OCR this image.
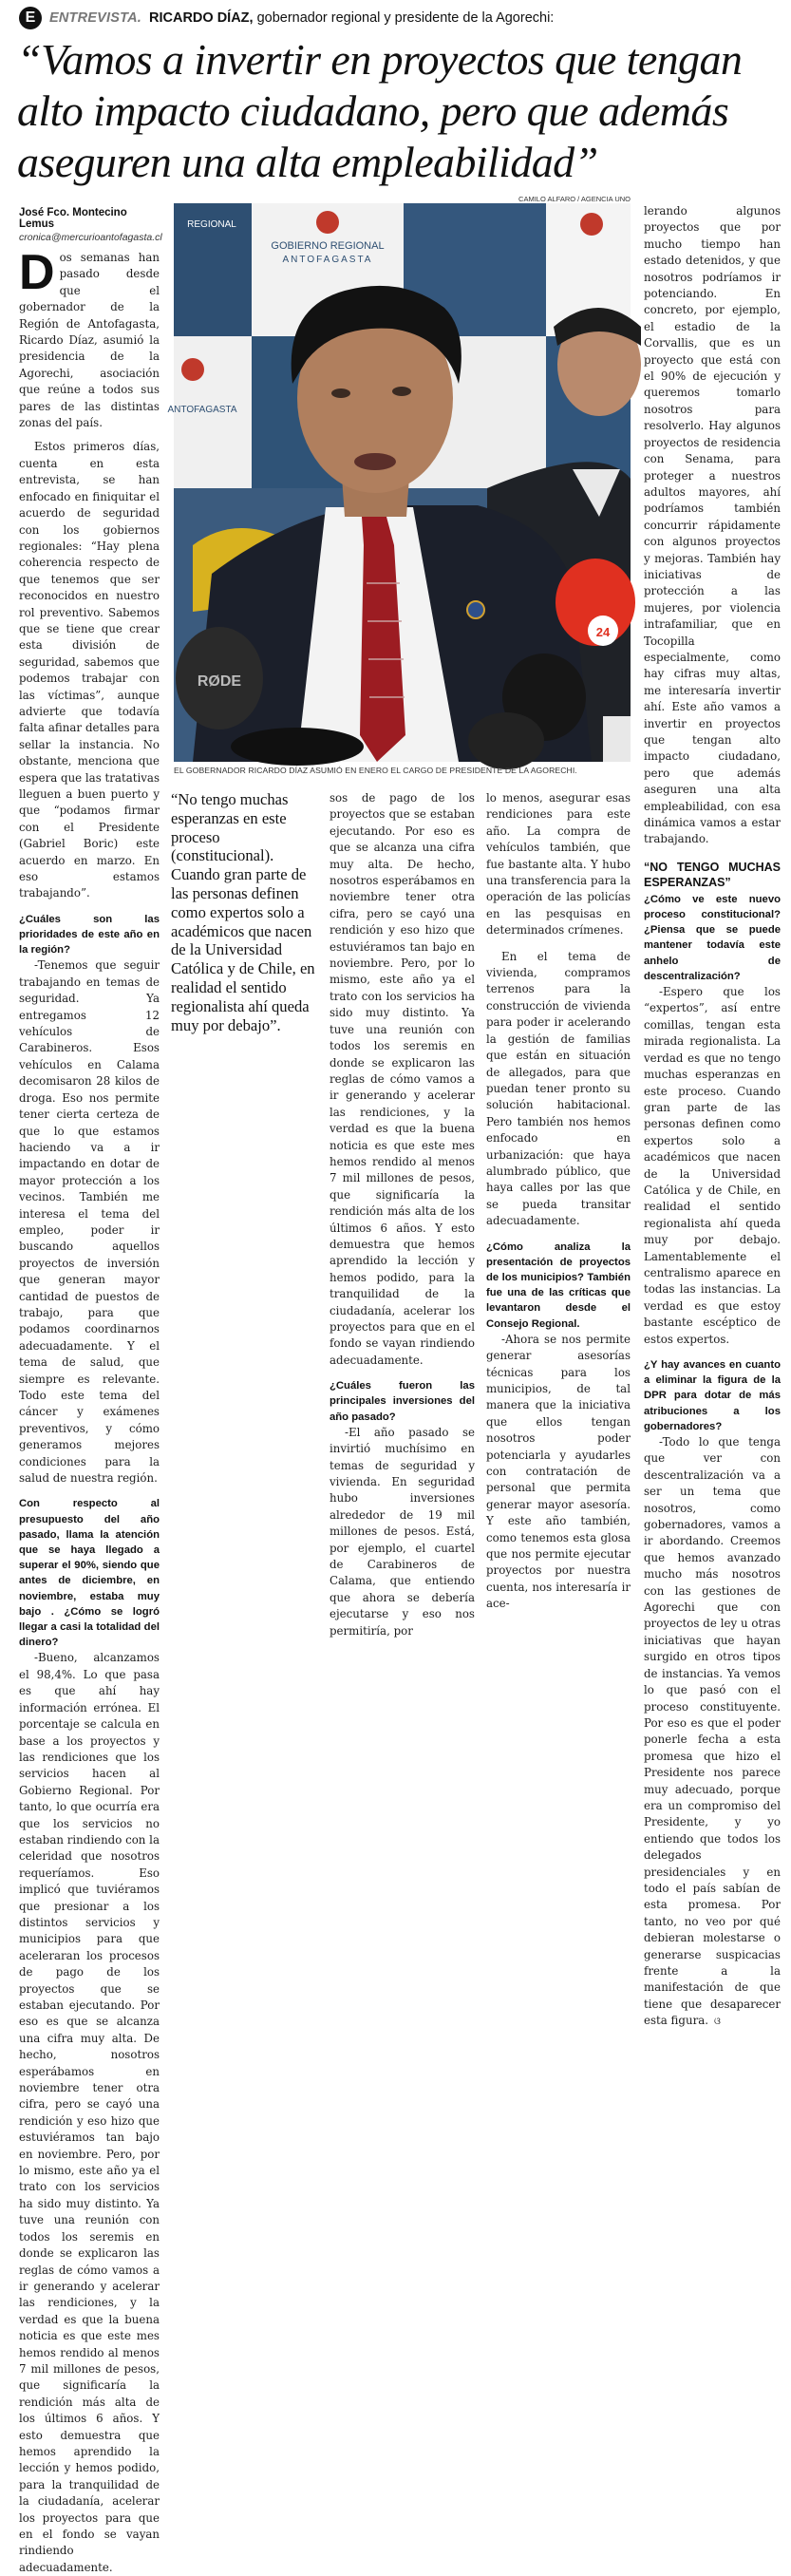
E	ENTREVISTA. RICARDO DÍAZ, gobernador regional y presidente de la Agorechi:
“Vamos a invertir en proyectos que tengan alto impacto ciudadano, pero que además aseguren una alta empleabilidad”
José Fco. Montecino Lemus
cronica@mercurioantofagasta.cl
CAMILO ALFARO / AGENCIA UNO
GOBIERNO REGIONAL
ANTOFAGASTA
REGIONAL
ANTOFAGASTA
RØDE
24
EL GOBERNADOR RICARDO DÍAZ ASUMIÓ EN ENERO EL CARGO DE PRESIDENTE DE LA AGORECHI.

“No tengo muchas esperanzas en este proceso (constitucional). Cuando gran parte de las personas definen como expertos solo a académicos que nacen de la Universidad Católica y de Chile, en realidad el sentido regionalista ahí queda muy por debajo”.

Dos semanas han pasado desde que el gobernador de la Región de Antofagasta, Ricardo Díaz, asumió la presidencia de la Agorechi, asociación que reúne a todos sus pares de las distintas zonas del país.

Estos primeros días, cuenta en esta entrevista, se han enfocado en finiquitar el acuerdo de seguridad con los gobiernos regionales: “Hay plena coherencia respecto de que tenemos que ser reconocidos en nuestro rol preventivo. Sabemos que se tiene que crear esta división de seguridad, sabemos que podemos trabajar con las víctimas”, aunque advierte que todavía falta afinar detalles para sellar la instancia. No obstante, menciona que espera que las tratativas lleguen a buen puerto y que “podamos firmar con el Presidente (Gabriel Boric) este acuerdo en marzo. En eso estamos trabajando”.

¿Cuáles son las prioridades de este año en la región?

-Tenemos que seguir trabajando en temas de seguridad. Ya entregamos 12 vehículos de Carabineros. Esos vehículos en Calama decomisaron 28 kilos de droga. Eso nos permite tener cierta certeza de que lo que estamos haciendo va a ir impactando en dotar de mayor protección a los vecinos. También me interesa el tema del empleo, poder ir buscando aquellos proyectos de inversión que generan mayor cantidad de puestos de trabajo, para que podamos coordinarnos adecuadamente. Y el tema de salud, que siempre es relevante. Todo este tema del cáncer y exámenes preventivos, y cómo generamos mejores condiciones para la salud de nuestra región.

Con respecto al presupuesto del año pasado, llama la atención que se haya llegado a superar el 90%, siendo que antes de diciembre, en noviembre, estaba muy bajo . ¿Cómo se logró llegar a casi la totalidad del dinero?

-Bueno, alcanzamos el 98,4%. Lo que pasa es que ahí hay información errónea. El porcentaje se calcula en base a los proyectos y las rendiciones que los servicios hacen al Gobierno Regional. Por tanto, lo que ocurría era que los servicios no estaban rindiendo con la celeridad que nosotros requeríamos. Eso implicó que tuviéramos que presionar a los distintos servicios y municipios para que aceleraran los procesos de pago de los proyectos que se estaban ejecutando. Por eso es que se alcanza una cifra muy alta. De hecho, nosotros esperábamos en noviembre tener otra cifra, pero se cayó una rendición y eso hizo que estuviéramos tan bajo en noviembre. Pero, por lo mismo, este año ya el trato con los servicios ha sido muy distinto. Ya tuve una reunión con todos los seremis en donde se explicaron las reglas de cómo vamos a ir generando y acelerar las rendiciones, y la verdad es que la buena noticia es que este mes hemos rendido al menos 7 mil millones de pesos, que significaría la rendición más alta de los últimos 6 años. Y esto demuestra que hemos aprendido la lección y hemos podido, para la tranquilidad de la ciudadanía, acelerar los proyectos para que en el fondo se vayan rindiendo adecuadamente.

sos de pago de los proyectos que se estaban ejecutando. Por eso es que se alcanza una cifra muy alta. De hecho, nosotros esperábamos en noviembre tener otra cifra, pero se cayó una rendición y eso hizo que estuviéramos tan bajo en noviembre. Pero, por lo mismo, este año ya el trato con los servicios ha sido muy distinto. Ya tuve una reunión con todos los seremis en donde se explicaron las reglas de cómo vamos a ir generando y acelerar las rendiciones, y la verdad es que la buena noticia es que este mes hemos rendido al menos 7 mil millones de pesos, que significaría la rendición más alta de los últimos 6 años. Y esto demuestra que hemos aprendido la lección y hemos podido, para la tranquilidad de la ciudadanía, acelerar los proyectos para que en el fondo se vayan rindiendo adecuadamente.

¿Cuáles fueron las principales inversiones del año pasado?

-El año pasado se invirtió muchísimo en temas de seguridad y vivienda. En seguridad hubo inversiones alrededor de 19 mil millones de pesos. Está, por ejemplo, el cuartel de Carabineros de Calama, que entiendo que ahora se debería ejecutarse y eso nos permitiría, por

lo menos, asegurar esas rendiciones para este año. La compra de vehículos también, que fue bastante alta. Y hubo una transferencia para la operación de las policías en las pesquisas en determinados crímenes.

En el tema de vivienda, compramos terrenos para la construcción de vivienda para poder ir acelerando la gestión de familias que están en situación de allegados, para que puedan tener pronto su solución habitacional. Pero también nos hemos enfocado en urbanización: que haya alumbrado público, que haya calles por las que se pueda transitar adecuadamente.

¿Cómo analiza la presentación de proyectos de los municipios? También fue una de las críticas que levantaron desde el Consejo Regional.

-Ahora se nos permite generar asesorías técnicas para los municipios, de tal manera que la iniciativa que ellos tengan nosotros poder potenciarla y ayudarles con contratación de personal que permita generar mayor asesoría. Y este año también, como tenemos esta glosa que nos permite ejecutar proyectos por nuestra cuenta, nos interesaría ir ace-

lerando algunos proyectos que por mucho tiempo han estado detenidos, y que nosotros podríamos ir potenciando. En concreto, por ejemplo, el estadio de la Corvallis, que es un proyecto que está con el 90% de ejecución y queremos tomarlo nosotros para resolverlo. Hay algunos proyectos de residencia con Senama, para proteger a nuestros adultos mayores, ahí podríamos también concurrir rápidamente con algunos proyectos y mejoras. También hay iniciativas de protección a las mujeres, por violencia intrafamiliar, que en Tocopilla especialmente, como hay cifras muy altas, me interesaría invertir ahí. Este año vamos a invertir en proyectos que tengan alto impacto ciudadano, pero que además aseguren una alta empleabilidad, con esa dinámica vamos a estar trabajando.

“NO TENGO MUCHAS ESPERANZAS”

¿Cómo ve este nuevo proceso constitucional? ¿Piensa que se puede mantener todavía este anhelo de descentralización?

-Espero que los “expertos”, así entre comillas, tengan esta mirada regionalista. La verdad es que no tengo muchas esperanzas en este proceso. Cuando gran parte de las personas definen como expertos solo a académicos que nacen de la Universidad Católica y de Chile, en realidad el sentido regionalista ahí queda muy por debajo. Lamentablemente el centralismo aparece en todas las instancias. La verdad es que estoy bastante escéptico de estos expertos.

¿Y hay avances en cuanto a eliminar la figura de la DPR para dotar de más atribuciones a los gobernadores?

-Todo lo que tenga que ver con descentralización va a ser un tema que nosotros, como gobernadores, vamos a ir abordando. Creemos que hemos avanzado mucho más nosotros con las gestiones de Agorechi que con proyectos de ley u otras iniciativas que hayan surgido en otros tipos de instancias. Ya vemos lo que pasó con el proceso constituyente. Por eso es que el poder ponerle fecha a esta promesa que hizo el Presidente nos parece muy adecuado, porque era un compromiso del Presidente, y yo entiendo que todos los delegados presidenciales y en todo el país sabían de esta promesa. Por tanto, no veo por qué debieran molestarse o generarse suspicacias frente a la manifestación de que tiene que desaparecer esta figura. ଓ
